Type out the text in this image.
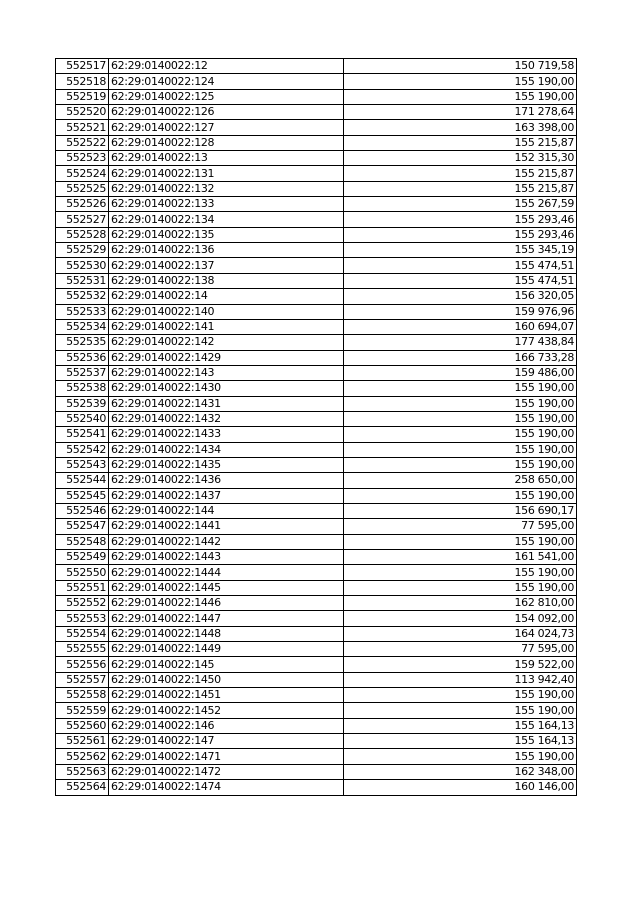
552517	62:29:0140022:12	150 719,58
552518	62:29:0140022:124	155 190,00
552519	62:29:0140022:125	155 190,00
552520	62:29:0140022:126	171 278,64
552521	62:29:0140022:127	163 398,00
552522	62:29:0140022:128	155 215,87
552523	62:29:0140022:13	152 315,30
552524	62:29:0140022:131	155 215,87
552525	62:29:0140022:132	155 215,87
552526	62:29:0140022:133	155 267,59
552527	62:29:0140022:134	155 293,46
552528	62:29:0140022:135	155 293,46
552529	62:29:0140022:136	155 345,19
552530	62:29:0140022:137	155 474,51
552531	62:29:0140022:138	155 474,51
552532	62:29:0140022:14	156 320,05
552533	62:29:0140022:140	159 976,96
552534	62:29:0140022:141	160 694,07
552535	62:29:0140022:142	177 438,84
552536	62:29:0140022:1429	166 733,28
552537	62:29:0140022:143	159 486,00
552538	62:29:0140022:1430	155 190,00
552539	62:29:0140022:1431	155 190,00
552540	62:29:0140022:1432	155 190,00
552541	62:29:0140022:1433	155 190,00
552542	62:29:0140022:1434	155 190,00
552543	62:29:0140022:1435	155 190,00
552544	62:29:0140022:1436	258 650,00
552545	62:29:0140022:1437	155 190,00
552546	62:29:0140022:144	156 690,17
552547	62:29:0140022:1441	77 595,00
552548	62:29:0140022:1442	155 190,00
552549	62:29:0140022:1443	161 541,00
552550	62:29:0140022:1444	155 190,00
552551	62:29:0140022:1445	155 190,00
552552	62:29:0140022:1446	162 810,00
552553	62:29:0140022:1447	154 092,00
552554	62:29:0140022:1448	164 024,73
552555	62:29:0140022:1449	77 595,00
552556	62:29:0140022:145	159 522,00
552557	62:29:0140022:1450	113 942,40
552558	62:29:0140022:1451	155 190,00
552559	62:29:0140022:1452	155 190,00
552560	62:29:0140022:146	155 164,13
552561	62:29:0140022:147	155 164,13
552562	62:29:0140022:1471	155 190,00
552563	62:29:0140022:1472	162 348,00
552564	62:29:0140022:1474	160 146,00
